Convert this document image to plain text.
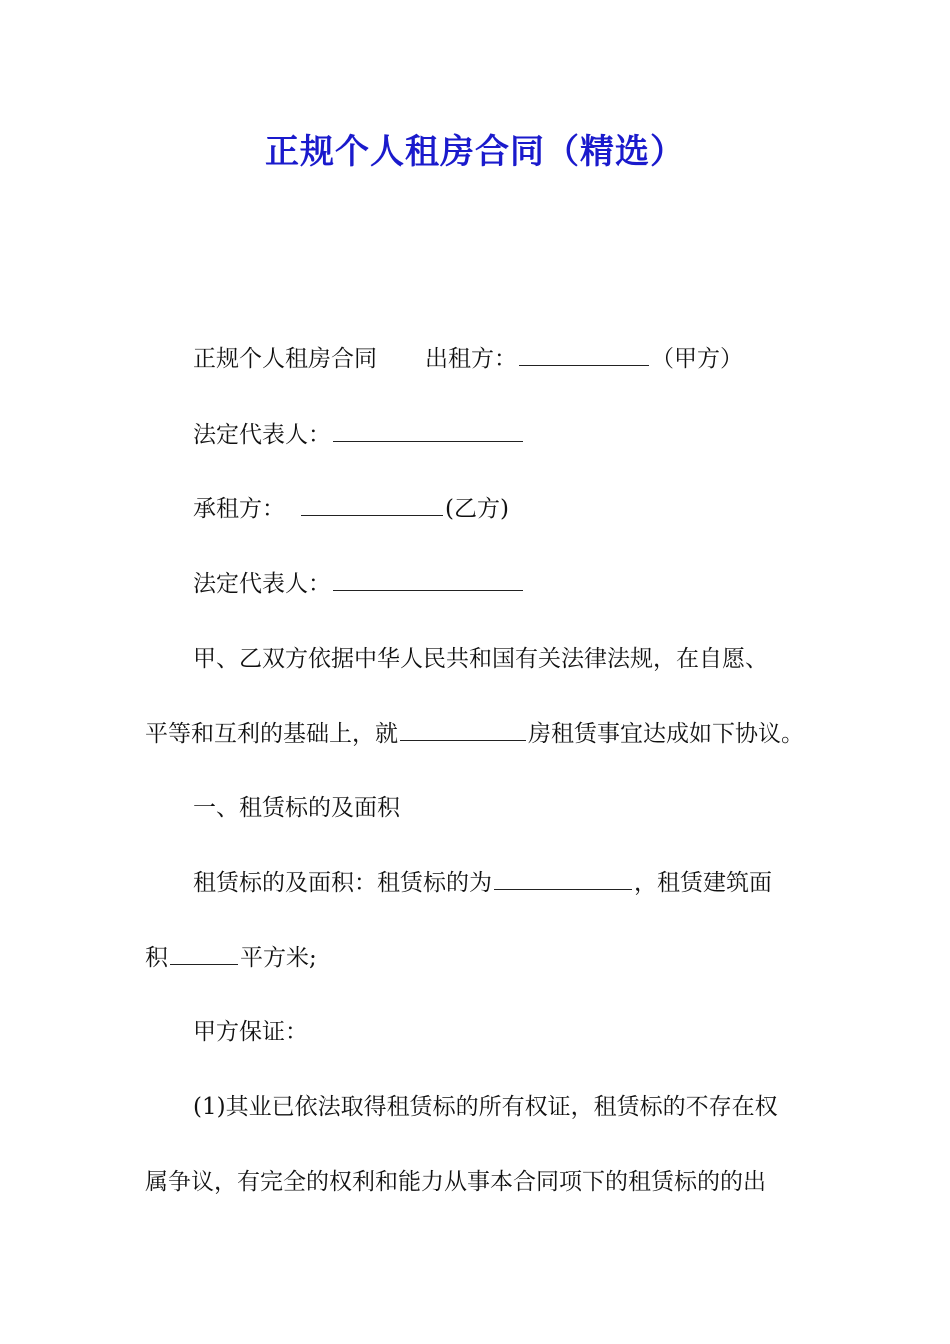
正规个人租房合同（精选）
正规个人租房合同 出租方：	（甲方）
法定代表人：
承租方：	(乙方)
法定代表人：
甲、乙双方依据中华人民共和国有关法律法规，在自愿、
平等和互利的基础上，就	房租赁事宜达成如下协议。
一、租赁标的及面积
租赁标的及面积：租赁标的为	，租赁建筑面
积	平方米;
甲方保证：
(1)其业已依法取得租赁标的所有权证，租赁标的不存在权
属争议，有完全的权利和能力从事本合同项下的租赁标的的出
